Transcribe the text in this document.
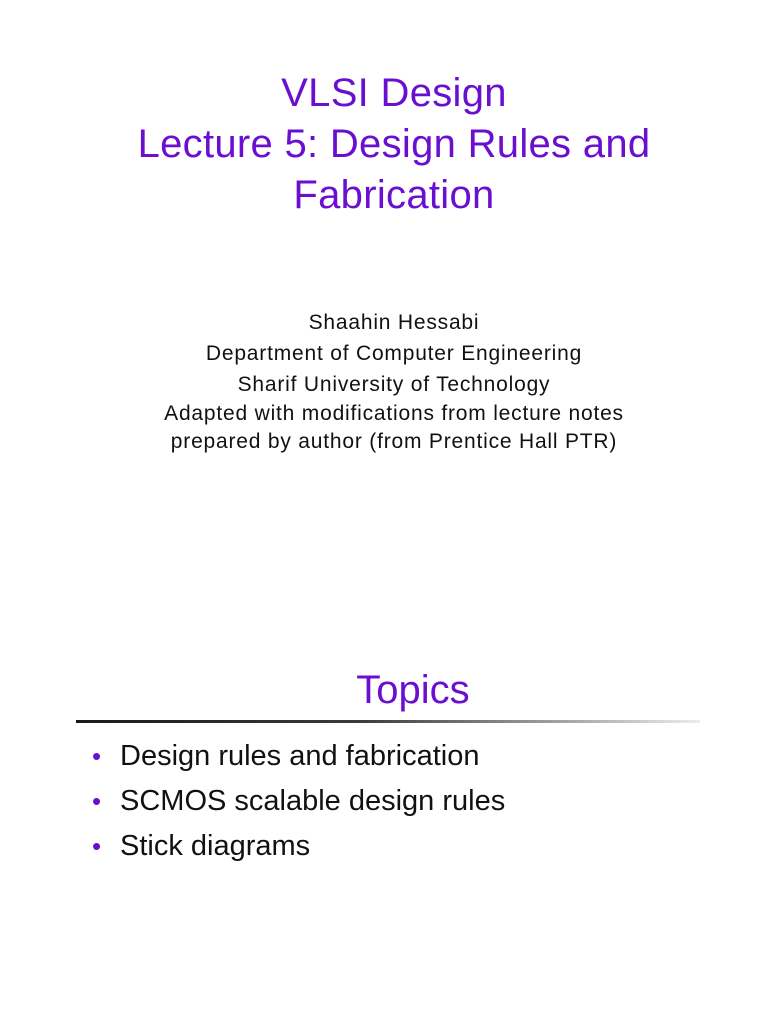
VLSI Design
Lecture 5: Design Rules and
Fabrication
Shaahin Hessabi
Department of Computer Engineering
Sharif University of Technology
Adapted with modifications from lecture notes
prepared by author (from Prentice Hall PTR)
Topics
• Design rules and fabrication
• SCMOS scalable design rules
• Stick diagrams
